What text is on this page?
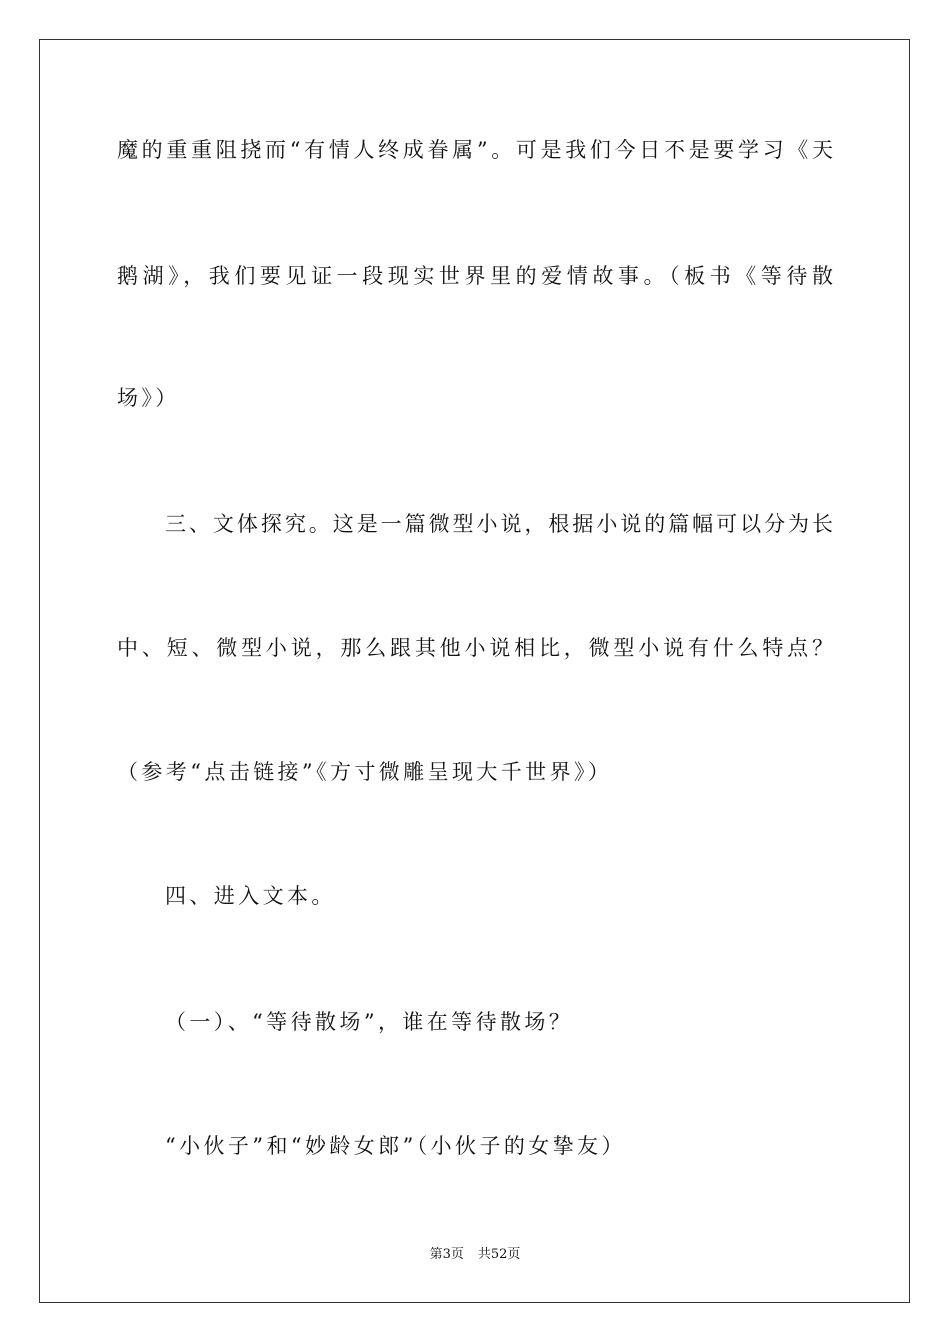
魔的重重阻挠而“有情人终成眷属”。可是我们今日不是要学习《天
鹅湖》，我们要见证一段现实世界里的爱情故事。（板书《等待散
场》）
三、文体探究。这是一篇微型小说，根据小说的篇幅可以分为长
中、短、微型小说，那么跟其他小说相比，微型小说有什么特点？
（参考“点击链接”《方寸微雕呈现大千世界》）
四、进入文本。
（一）、“等待散场”，谁在等待散场？
“小伙子”和“妙龄女郎”（小伙子的女挚友）
第3页 共52页
